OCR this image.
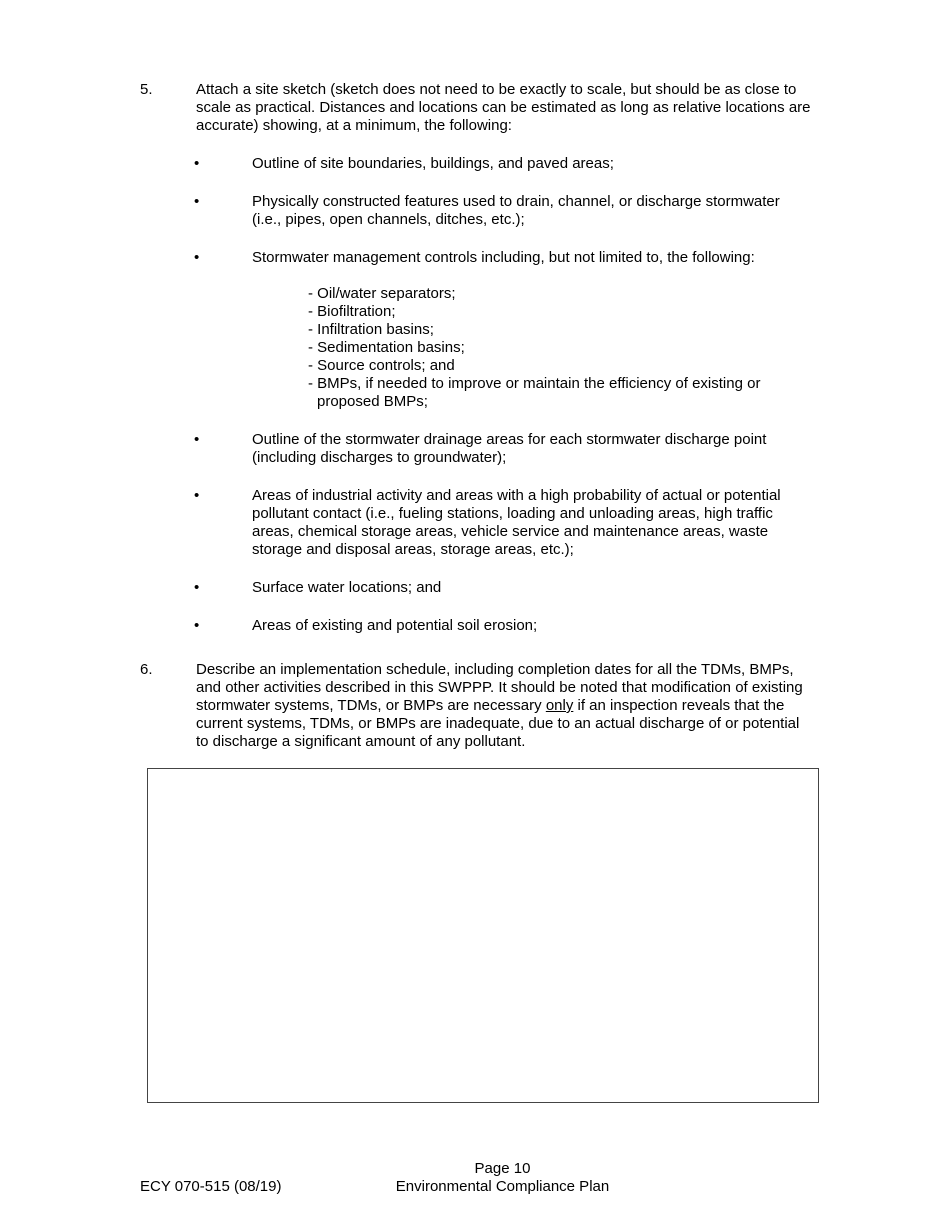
5.	Attach a site sketch (sketch does not need to be exactly to scale, but should be as close to scale as practical. Distances and locations can be estimated as long as relative locations are accurate) showing, at a minimum, the following:
•	Outline of site boundaries, buildings, and paved areas;
•	Physically constructed features used to drain, channel, or discharge stormwater (i.e., pipes, open channels, ditches, etc.);
•	Stormwater management controls including, but not limited to, the following:
- Oil/water separators;
- Biofiltration;
- Infiltration basins;
- Sedimentation basins;
- Source controls; and
- BMPs, if needed to improve or maintain the efficiency of existing or proposed BMPs;
•	Outline of the stormwater drainage areas for each stormwater discharge point (including discharges to groundwater);
•	Areas of industrial activity and areas with a high probability of actual or potential pollutant contact (i.e., fueling stations, loading and unloading areas, high traffic areas, chemical storage areas, vehicle service and maintenance areas, waste storage and disposal areas, storage areas, etc.);
•	Surface water locations; and
•	Areas of existing and potential soil erosion;
6.	Describe an implementation schedule, including completion dates for all the TDMs, BMPs, and other activities described in this SWPPP. It should be noted that modification of existing stormwater systems, TDMs, or BMPs are necessary only if an inspection reveals that the current systems, TDMs, or BMPs are inadequate, due to an actual discharge of or potential to discharge a significant amount of any pollutant.
Page 10
ECY 070-515 (08/19)	Environmental Compliance Plan
